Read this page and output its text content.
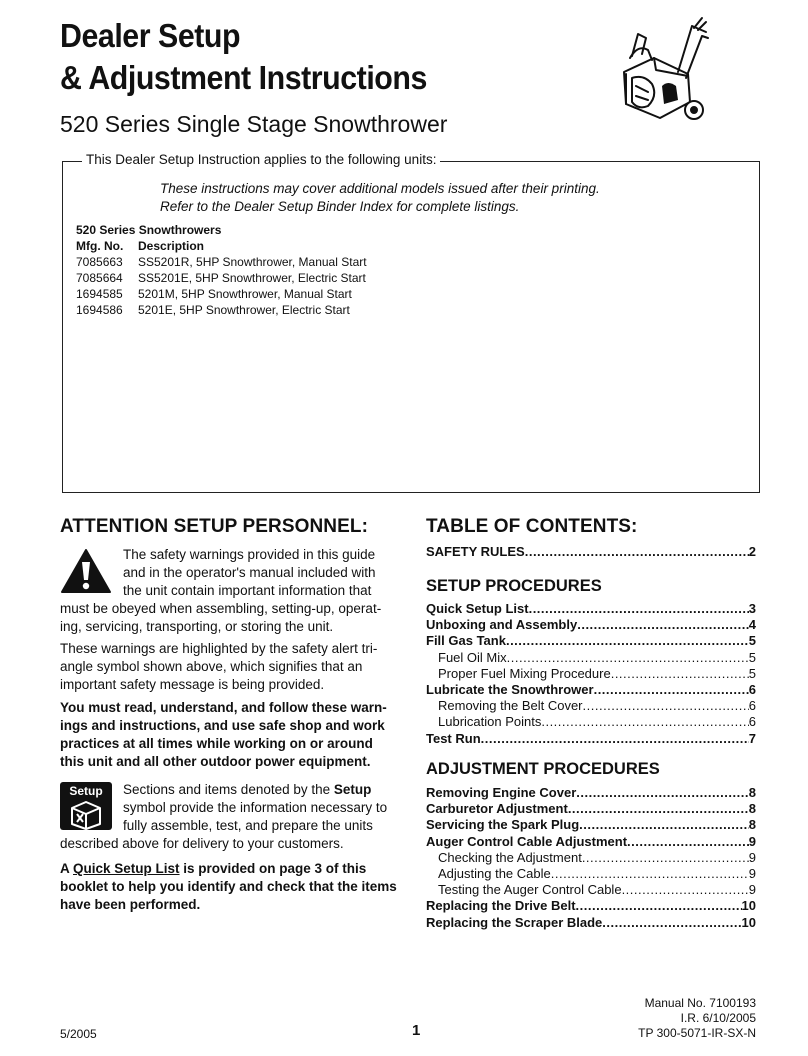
Dealer Setup
& Adjustment Instructions
520 Series Single Stage Snowthrower
This Dealer Setup Instruction applies to the following units:
These instructions may cover additional models issued after their printing.
Refer to the Dealer Setup Binder Index for complete listings.
520 Series Snowthrowers
Mfg. No.	Description
7085663	SS5201R, 5HP Snowthrower, Manual Start
7085664	SS5201E, 5HP Snowthrower, Electric Start
1694585	5201M, 5HP Snowthrower, Manual Start
1694586	5201E, 5HP Snowthrower, Electric Start
ATTENTION SETUP PERSONNEL:
The safety warnings provided in this guide and in the operator's manual included with the unit contain important information that
must be obeyed when assembling, setting-up, operat-ing, servicing, transporting, or storing the unit.
These warnings are highlighted by the safety alert tri-angle symbol shown above, which signifies that an important safety message is being provided.
You must read, understand, and follow these warn-ings and instructions, and use safe shop and work practices at all times while working on or around this unit and all other outdoor power equipment.
Setup	Sections and items denoted by the Setup symbol provide the information necessary to fully assemble, test, and prepare the units
described above for delivery to your customers.
A Quick Setup List is provided on page 3 of this booklet to help you identify and check that the items have been performed.
TABLE OF CONTENTS:
SAFETY RULES .....	2
SETUP PROCEDURES
Quick Setup List .....	3
Unboxing and Assembly .....	4
Fill Gas Tank .....	5
Fuel Oil Mix .....	5
Proper Fuel Mixing Procedure .....	5
Lubricate the Snowthrower .....	6
Removing the Belt Cover .....	6
Lubrication Points .....	6
Test Run .....	7
ADJUSTMENT PROCEDURES
Removing Engine Cover .....	8
Carburetor Adjustment .....	8
Servicing the Spark Plug .....	8
Auger Control Cable Adjustment .....	9
Checking the Adjustment .....	9
Adjusting the Cable .....	9
Testing the Auger Control Cable .....	9
Replacing the Drive Belt .....	10
Replacing the Scraper Blade .....	10
5/2005	1
Manual No. 7100193
I.R. 6/10/2005
TP 300-5071-IR-SX-N
